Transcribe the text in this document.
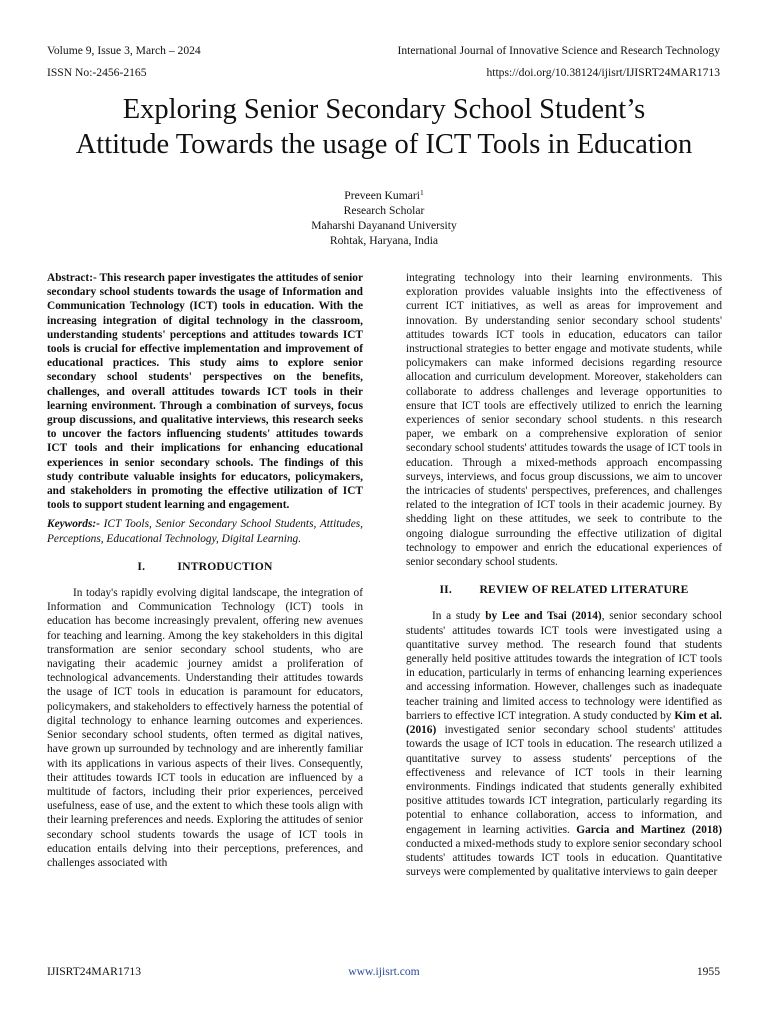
Volume 9, Issue 3, March – 2024	International Journal of Innovative Science and Research Technology
ISSN No:-2456-2165	https://doi.org/10.38124/ijisrt/IJISRT24MAR1713
Exploring Senior Secondary School Student’s
Attitude Towards the usage of ICT Tools in Education
Preveen Kumari$^1$
Research Scholar
Maharshi Dayanand University
Rohtak, Haryana, India

Abstract:- This research paper investigates the attitudes of senior secondary school students towards the usage of Information and Communication Technology (ICT) tools in education. With the increasing integration of digital technology in the classroom, understanding students' perceptions and attitudes towards ICT tools is crucial for effective implementation and improvement of educational practices. This study aims to explore senior secondary school students' perspectives on the benefits, challenges, and overall attitudes towards ICT tools in their learning environment. Through a combination of surveys, focus group discussions, and qualitative interviews, this research seeks to uncover the factors influencing students' attitudes towards ICT tools and their implications for enhancing educational experiences in senior secondary schools. The findings of this study contribute valuable insights for educators, policymakers, and stakeholders in promoting the effective utilization of ICT tools to support student learning and engagement.

Keywords:- ICT Tools, Senior Secondary School Students, Attitudes, Perceptions, Educational Technology, Digital Learning.

I.	INTRODUCTION

In today's rapidly evolving digital landscape, the integration of Information and Communication Technology (ICT) tools in education has become increasingly prevalent, offering new avenues for teaching and learning. Among the key stakeholders in this digital transformation are senior secondary school students, who are navigating their academic journey amidst a proliferation of technological advancements. Understanding their attitudes towards the usage of ICT tools in education is paramount for educators, policymakers, and stakeholders to effectively harness the potential of digital technology to enhance learning outcomes and experiences. Senior secondary school students, often termed as digital natives, have grown up surrounded by technology and are inherently familiar with its applications in various aspects of their lives. Consequently, their attitudes towards ICT tools in education are influenced by a multitude of factors, including their prior experiences, perceived usefulness, ease of use, and the extent to which these tools align with their learning preferences and needs. Exploring the attitudes of senior secondary school students towards the usage of ICT tools in education entails delving into their perceptions, preferences, and challenges associated with

integrating technology into their learning environments. This exploration provides valuable insights into the effectiveness of current ICT initiatives, as well as areas for improvement and innovation. By understanding senior secondary school students' attitudes towards ICT tools in education, educators can tailor instructional strategies to better engage and motivate students, while policymakers can make informed decisions regarding resource allocation and curriculum development. Moreover, stakeholders can collaborate to address challenges and leverage opportunities to ensure that ICT tools are effectively utilized to enrich the learning experiences of senior secondary school students. n this research paper, we embark on a comprehensive exploration of senior secondary school students' attitudes towards the usage of ICT tools in education. Through a mixed-methods approach encompassing surveys, interviews, and focus group discussions, we aim to uncover the intricacies of students' perspectives, preferences, and challenges related to the integration of ICT tools in their academic journey. By shedding light on these attitudes, we seek to contribute to the ongoing dialogue surrounding the effective utilization of digital technology to empower and enrich the educational experiences of senior secondary school students.

II. REVIEW OF RELATED LITERATURE

In a study by Lee and Tsai (2014), senior secondary school students' attitudes towards ICT tools were investigated using a quantitative survey method. The research found that students generally held positive attitudes towards the integration of ICT tools in education, particularly in terms of enhancing learning experiences and accessing information. However, challenges such as inadequate teacher training and limited access to technology were identified as barriers to effective ICT integration. A study conducted by Kim et al. (2016) investigated senior secondary school students' attitudes towards the usage of ICT tools in education. The research utilized a quantitative survey to assess students' perceptions of the effectiveness and relevance of ICT tools in their learning environments. Findings indicated that students generally exhibited positive attitudes towards ICT integration, particularly regarding its potential to enhance collaboration, access to information, and engagement in learning activities. Garcia and Martinez (2018) conducted a mixed-methods study to explore senior secondary school students' attitudes towards ICT tools in education. Quantitative surveys were complemented by qualitative interviews to gain deeper

IJISRT24MAR1713	www.ijisrt.com	1955
